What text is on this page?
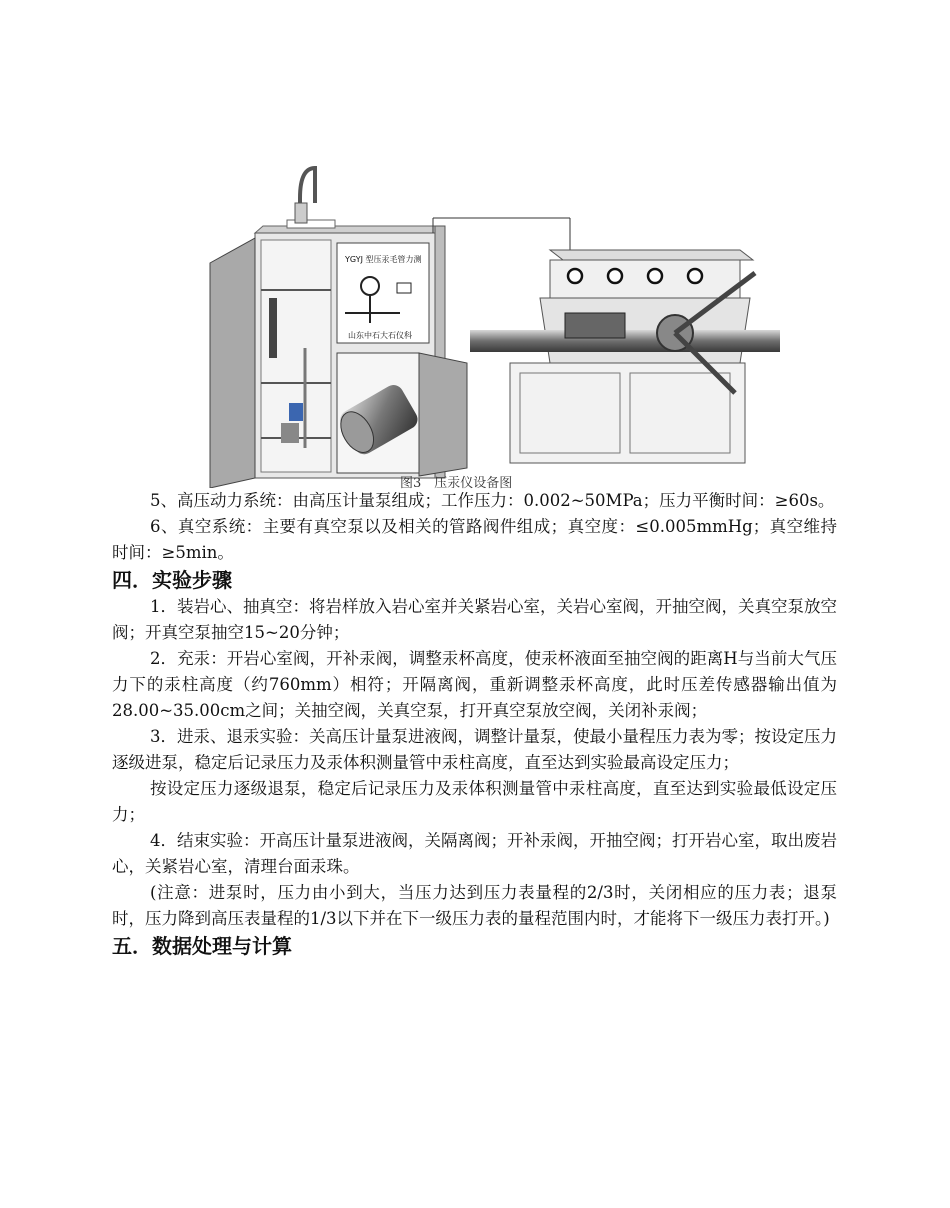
YGYJ 型压汞毛管力测
山东中石大石仪科
图3　压汞仪设备图

5、高压动力系统：由高压计量泵组成；工作压力：0.002~50MPa；压力平衡时间：≥60s。

6、真空系统：主要有真空泵以及相关的管路阀件组成；真空度：≤0.005mmHg；真空维持时间：≥5min。

四．实验步骤

1．装岩心、抽真空：将岩样放入岩心室并关紧岩心室，关岩心室阀，开抽空阀，关真空泵放空阀；开真空泵抽空15~20分钟；

2．充汞：开岩心室阀，开补汞阀，调整汞杯高度，使汞杯液面至抽空阀的距离H与当前大气压力下的汞柱高度（约760mm）相符；开隔离阀，重新调整汞杯高度，此时压差传感器输出值为28.00~35.00cm之间；关抽空阀，关真空泵，打开真空泵放空阀，关闭补汞阀；

3．进汞、退汞实验：关高压计量泵进液阀，调整计量泵，使最小量程压力表为零；按设定压力逐级进泵，稳定后记录压力及汞体积测量管中汞柱高度，直至达到实验最高设定压力；

按设定压力逐级退泵，稳定后记录压力及汞体积测量管中汞柱高度，直至达到实验最低设定压力；

4．结束实验：开高压计量泵进液阀，关隔离阀；开补汞阀，开抽空阀；打开岩心室，取出废岩心，关紧岩心室，清理台面汞珠。

(注意：进泵时，压力由小到大，当压力达到压力表量程的2/3时，关闭相应的压力表；退泵时，压力降到高压表量程的1/3以下并在下一级压力表的量程范围内时，才能将下一级压力表打开。)

五．数据处理与计算
